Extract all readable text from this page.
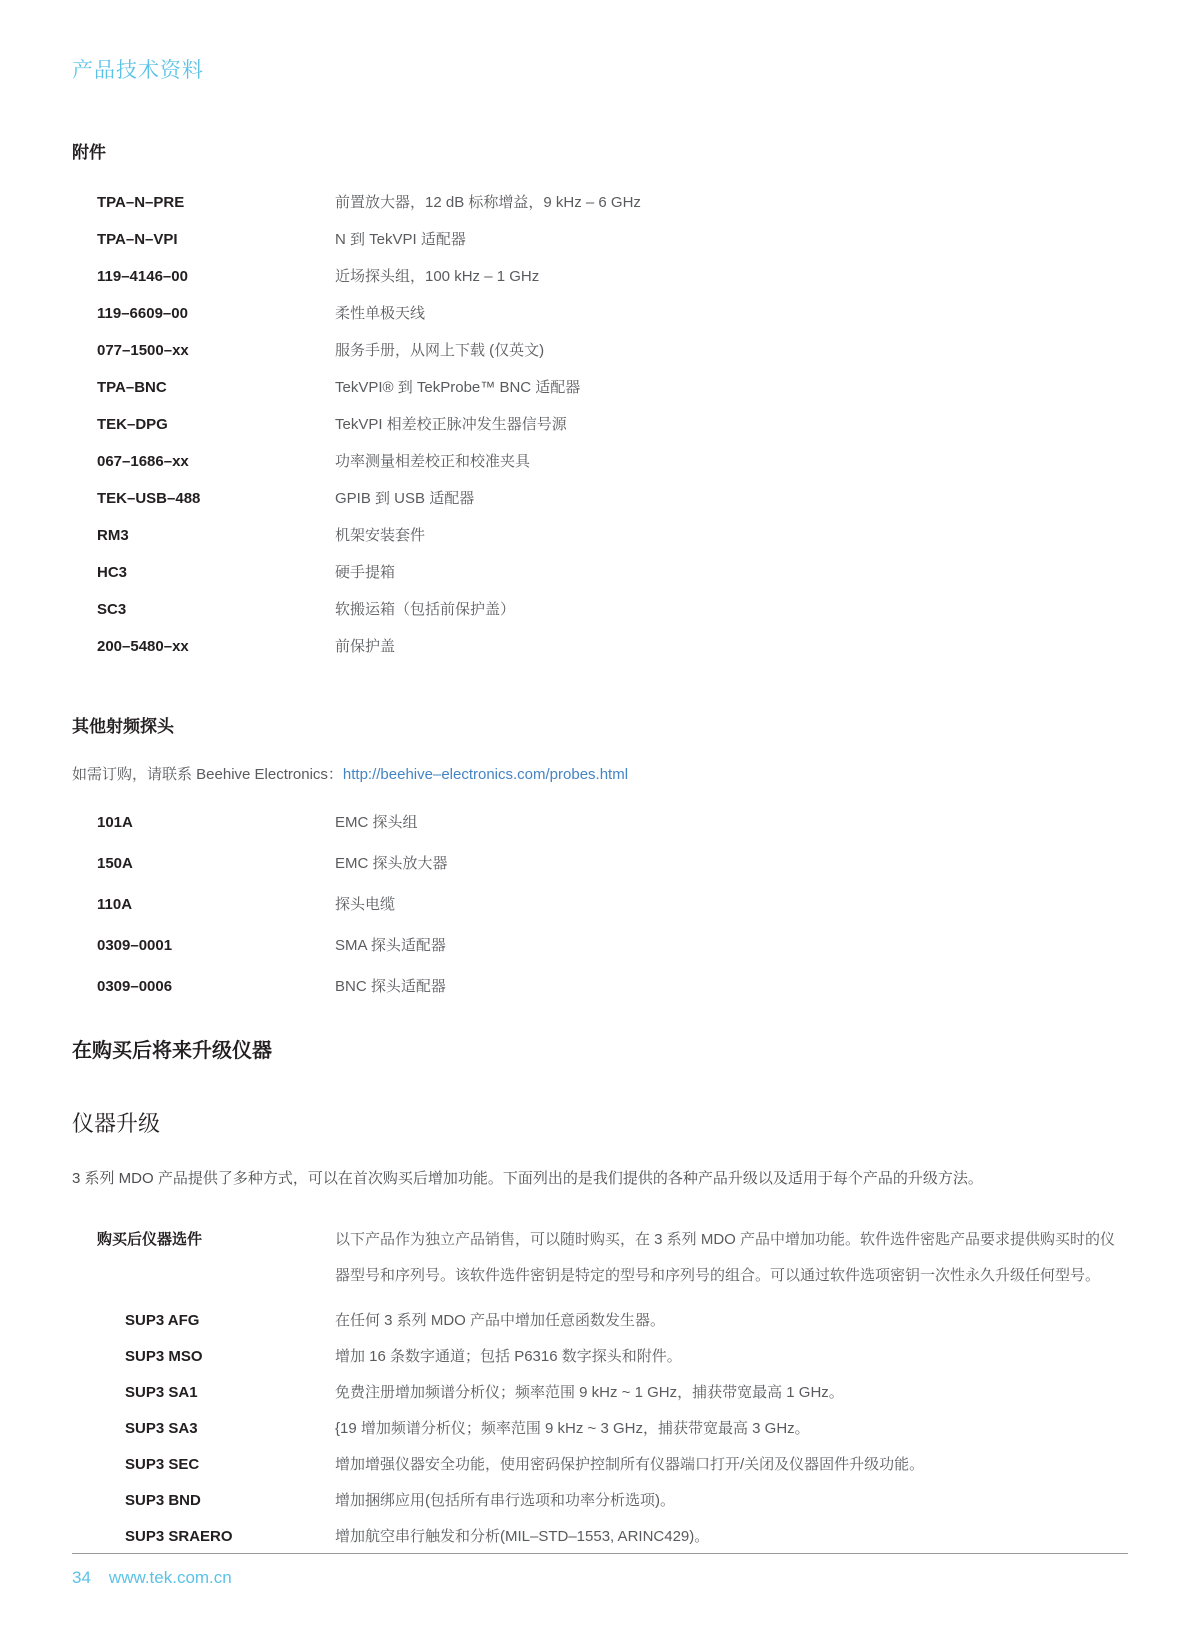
产品技术资料
附件
TPA–N–PRE	前置放大器，12 dB 标称增益，9 kHz – 6 GHz
TPA–N–VPI	N 到 TekVPI 适配器
119–4146–00	近场探头组，100 kHz – 1 GHz
119–6609–00	柔性单极天线
077–1500–xx	服务手册，从网上下载 (仅英文)
TPA–BNC	TekVPI® 到 TekProbe™ BNC 适配器
TEK–DPG	TekVPI 相差校正脉冲发生器信号源
067–1686–xx	功率测量相差校正和校准夹具
TEK–USB–488	GPIB 到 USB 适配器
RM3	机架安装套件
HC3	硬手提箱
SC3	软搬运箱（包括前保护盖）
200–5480–xx	前保护盖
其他射频探头
如需订购，请联系 Beehive Electronics：http://beehive–electronics.com/probes.html
101A	EMC 探头组
150A	EMC 探头放大器
110A	探头电缆
0309–0001	SMA 探头适配器
0309–0006	BNC 探头适配器
在购买后将来升级仪器
仪器升级
3 系列 MDO 产品提供了多种方式，可以在首次购买后增加功能。下面列出的是我们提供的各种产品升级以及适用于每个产品的升级方法。
购买后仪器选件	以下产品作为独立产品销售，可以随时购买，在 3 系列 MDO 产品中增加功能。软件选件密匙产品要求提供购买时的仪器型号和序列号。该软件选件密钥是特定的型号和序列号的组合。可以通过软件选项密钥一次性永久升级任何型号。
SUP3 AFG	在任何 3 系列 MDO 产品中增加任意函数发生器。
SUP3 MSO	增加 16 条数字通道；包括 P6316 数字探头和附件。
SUP3 SA1	免费注册增加频谱分析仪；频率范围 9 kHz ~ 1 GHz，捕获带宽最高 1 GHz。
SUP3 SA3	{19 增加频谱分析仪；频率范围 9 kHz ~ 3 GHz，捕获带宽最高 3 GHz。
SUP3 SEC	增加增强仪器安全功能，使用密码保护控制所有仪器端口打开/关闭及仪器固件升级功能。
SUP3 BND	增加捆绑应用(包括所有串行选项和功率分析选项)。
SUP3 SRAERO	增加航空串行触发和分析(MIL–STD–1553, ARINC429)。
34 www.tek.com.cn
